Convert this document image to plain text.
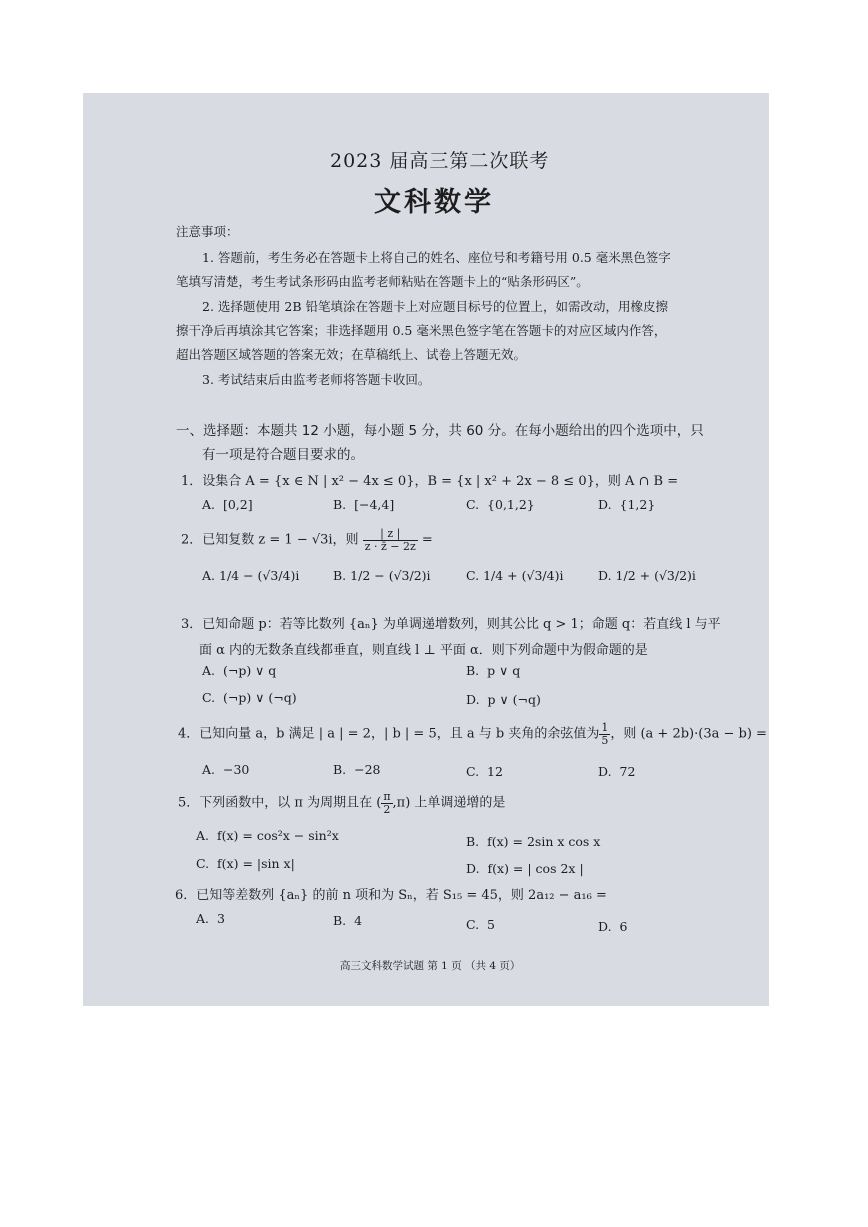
2023 届高三第二次联考
文科数学
注意事项：
1. 答题前，考生务必在答题卡上将自己的姓名、座位号和考籍号用 0.5 毫米黑色签字
笔填写清楚，考生考试条形码由监考老师粘贴在答题卡上的“贴条形码区”。
2. 选择题使用 2B 铅笔填涂在答题卡上对应题目标号的位置上，如需改动，用橡皮擦
擦干净后再填涂其它答案；非选择题用 0.5 毫米黑色签字笔在答题卡的对应区域内作答，
超出答题区域答题的答案无效；在草稿纸上、试卷上答题无效。
3. 考试结束后由监考老师将答题卡收回。
一、选择题：本题共 12 小题，每小题 5 分，共 60 分。在每小题给出的四个选项中，只
有一项是符合题目要求的。
1．设集合 A = {x ∈ N | x² − 4x ≤ 0}，B = {x | x² + 2x − 8 ≤ 0}，则 A ∩ B =
A. [0,2]	B. [−4,4]	C. {0,1,2}	D. {1,2}
2．已知复数 z = 1 − √3i，则 $\frac{| z |}{z \cdot z̄ - 2z}$ =
A. 1/4 − (√3/4)i	B. 1/2 − (√3/2)i	C. 1/4 + (√3/4)i	D. 1/2 + (√3/2)i
3．已知命题 p：若等比数列 {aₙ} 为单调递增数列，则其公比 q > 1；命题 q：若直线 l 与平
面 α 内的无数条直线都垂直，则直线 l ⊥ 平面 α．则下列命题中为假命题的是
A. (¬p) ∨ q	B. p ∨ q
C. (¬p) ∨ (¬q)	D. p ∨ (¬q)
4．已知向量 a，b 满足 | a | = 2，| b | = 5，且 a 与 b 夹角的余弦值为 $\frac{1}{5}$ ，则 (a + 2b)·(3a − b) =
A. −30	B. −28	C. 12	D. 72
5．下列函数中，以 π 为周期且在 ( $\frac{\pi}{2} ,\pi$) 上单调递增的是
A. f(x) = cos²x − sin²x	B. f(x) = 2sin x cos x
C. f(x) = |sin x|	D. f(x) = | cos 2x |
6．已知等差数列 {aₙ} 的前 n 项和为 Sₙ，若 S₁₅ = 45，则 2a₁₂ − a₁₆ =
A. 3	B. 4	C. 5	D. 6
高三文科数学试题 第 1 页 （共 4 页）
